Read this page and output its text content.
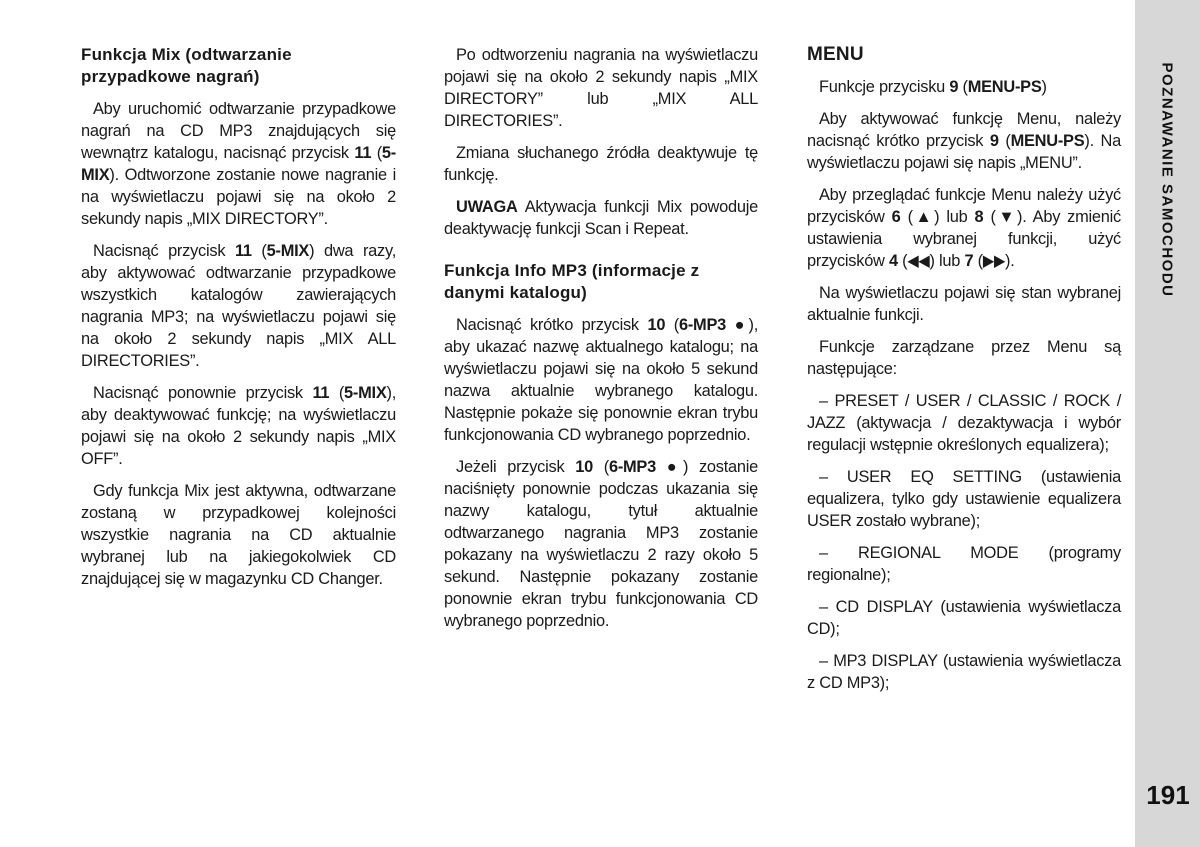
POZNAWANIE SAMOCHODU
191
Funkcja Mix (odtwarzanie przypadkowe nagrań)

Aby uruchomić odtwarzanie przypadkowe nagrań na CD MP3 znajdujących się wewnątrz katalogu, nacisnąć przycisk 11 (5-MIX). Odtworzone zostanie nowe nagranie i na wyświetlaczu pojawi się na około 2 sekundy napis „MIX DIRECTORY”.

Nacisnąć przycisk 11 (5-MIX) dwa razy, aby aktywować odtwarzanie przypadkowe wszystkich katalogów zawierających nagrania MP3; na wyświetlaczu pojawi się na około 2 sekundy napis „MIX ALL DIRECTORIES”.

Nacisnąć ponownie przycisk 11 (5-MIX), aby deaktywować funkcję; na wyświetlaczu pojawi się na około 2 sekundy napis „MIX OFF”.

Gdy funkcja Mix jest aktywna, odtwarzane zostaną w przypadkowej kolejności wszystkie nagrania na CD aktualnie wybranej lub na jakiegokolwiek CD znajdującej się w magazynku CD Changer.

Po odtworzeniu nagrania na wyświetlaczu pojawi się na około 2 sekundy napis „MIX DIRECTORY” lub „MIX ALL DIRECTORIES”.

Zmiana słuchanego źródła deaktywuje tę funkcję.

UWAGA Aktywacja funkcji Mix powoduje deaktywację funkcji Scan i Repeat.

Funkcja Info MP3 (informacje z danymi katalogu)

Nacisnąć krótko przycisk 10 (6-MP3 ●), aby ukazać nazwę aktualnego katalogu; na wyświetlaczu pojawi się na około 5 sekund nazwa aktualnie wybranego katalogu. Następnie pokaże się ponownie ekran trybu funkcjonowania CD wybranego poprzednio.

Jeżeli przycisk 10 (6-MP3 ●) zostanie naciśnięty ponownie podczas ukazania się nazwy katalogu, tytuł aktualnie odtwarzanego nagrania MP3 zostanie pokazany na wyświetlaczu 2 razy około 5 sekund. Następnie pokazany zostanie ponownie ekran trybu funkcjonowania CD wybranego poprzednio.

MENU

Funkcje przycisku 9 (MENU-PS)

Aby aktywować funkcję Menu, należy nacisnąć krótko przycisk 9 (MENU-PS). Na wyświetlaczu pojawi się napis „MENU”.

Aby przeglądać funkcje Menu należy użyć przycisków 6 (▲) lub 8 (▼). Aby zmienić ustawienia wybranej funkcji, użyć przycisków 4 (◀◀) lub 7 (▶▶).

Na wyświetlaczu pojawi się stan wybranej aktualnie funkcji.

Funkcje zarządzane przez Menu są następujące:

– PRESET / USER / CLASSIC / ROCK / JAZZ (aktywacja / dezaktywacja i wybór regulacji wstępnie określonych equalizera);

– USER EQ SETTING (ustawienia equalizera, tylko gdy ustawienie equalizera USER zostało wybrane);

– REGIONAL MODE (programy regionalne);

– CD DISPLAY (ustawienia wyświetlacza CD);

– MP3 DISPLAY (ustawienia wyświetlacza z CD MP3);
